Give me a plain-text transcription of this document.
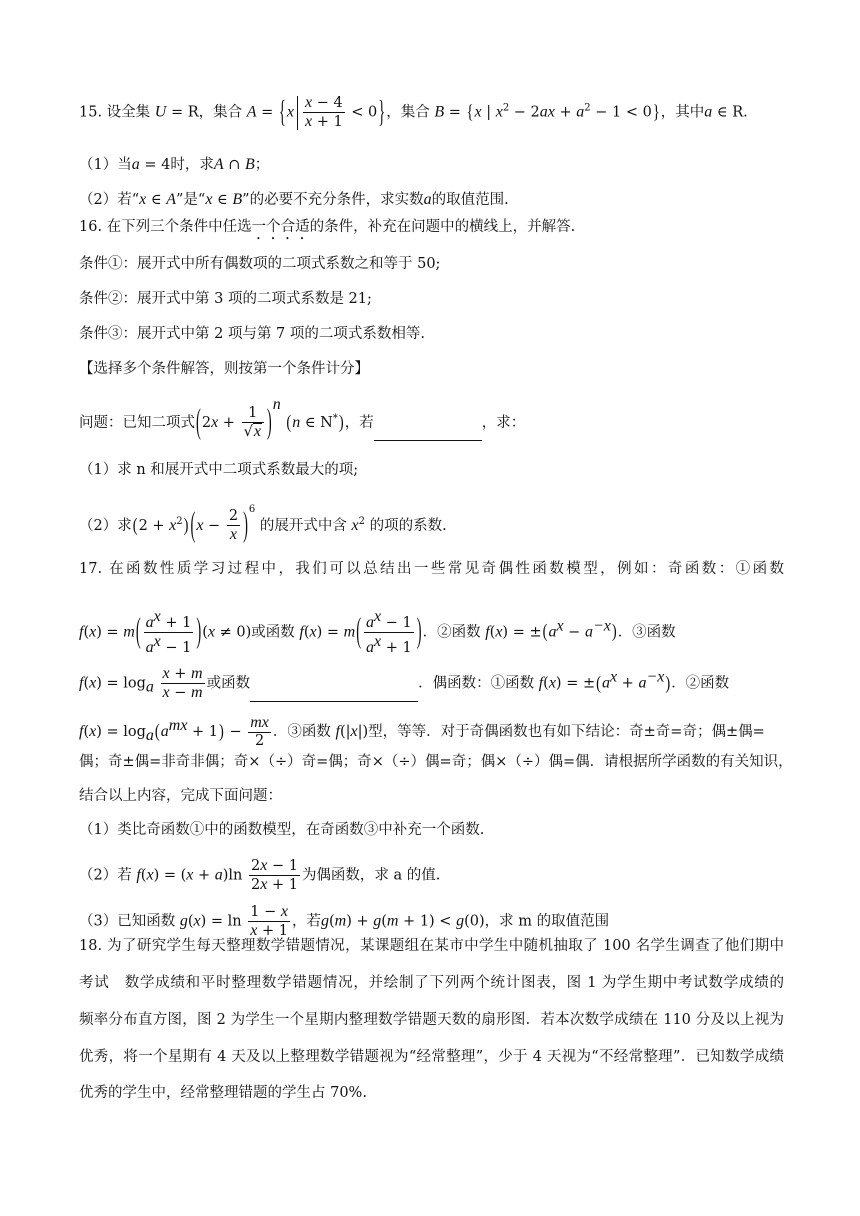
15. 设全集 U = R，集合 $A = \{x \frac{x - 4}{x + 1} < 0\}$，集合 B = {x | $x^2 - 2ax + a^2 - 1 < 0$}，其中a ∈ R.
（1）当a = 4时，求A ∩ B；
（2）若“x ∈ A”是“x ∈ B”的必要不充分条件，求实数a的取值范围.
16. 在下列三个条件中任选一个合适的条件，补充在问题中的横线上，并解答.
条件①：展开式中所有偶数项的二项式系数之和等于 50;
条件②：展开式中第 3 项的二项式系数是 21;
条件③：展开式中第 2 项与第 7 项的二项式系数相等.
【选择多个条件解答，则按第一个条件计分】
问题：已知二项式$(2x + \frac{1}{√x} )^n$ (n ∈ N*)，若	，求：
（1）求 n 和展开式中二项式系数最大的项;
（2）求$(2 + x^2)$ $(x - \frac{2}{x} )^6$ 的展开式中含 $x^2$ 的项的系数.
17. 在函数性质学习过程中，我们可以总结出一些常见奇偶性函数模型，例如：奇函数：①函数
$f(x) = m( \frac{a^x + 1}{a^x - 1} )(x \ne 0)$或函数 $f(x) = m( \frac{a^x - 1}{a^x + 1}$ )．②函数 $f(x) = \pm(a^x - a^{-x})$．③函数
$f(x) = \log_a \frac{x + m}{x - m}$ 或函数	．偶函数：①函数 $f(x) = \pm(a^x + a^{-x})$．②函数
$f(x) = \log_a(a^{mx} + 1) - \frac{mx}{2}$ ．③函数 f(|x|)型，等等．对于奇偶函数也有如下结论：奇±奇=奇；偶±偶=
偶；奇±偶=非奇非偶；奇×（÷）奇=偶；奇×（÷）偶=奇；偶×（÷）偶=偶．请根据所学函数的有关知识，
结合以上内容，完成下面问题：
（1）类比奇函数①中的函数模型，在奇函数③中补充一个函数.
（2）若 $f(x) = (x + a)\ln \frac{2x - 1}{2x + 1}$ 为偶函数，求 a 的值.
（3）已知函数 $g(x) = \ln \frac{1 - x}{x + 1}$ ，若g(m) + g(m + 1) < g(0)，求 m 的取值范围
18. 为了研究学生每天整理数学错题情况，某课题组在某市中学生中随机抽取了 100 名学生调查了他们期中
考试　数学成绩和平时整理数学错题情况，并绘制了下列两个统计图表，图 1 为学生期中考试数学成绩的
频率分布直方图，图 2 为学生一个星期内整理数学错题天数的扇形图．若本次数学成绩在 110 分及以上视为
优秀，将一个星期有 4 天及以上整理数学错题视为“经常整理”，少于 4 天视为“不经常整理”．已知数学成绩
优秀的学生中，经常整理错题的学生占 70%.
